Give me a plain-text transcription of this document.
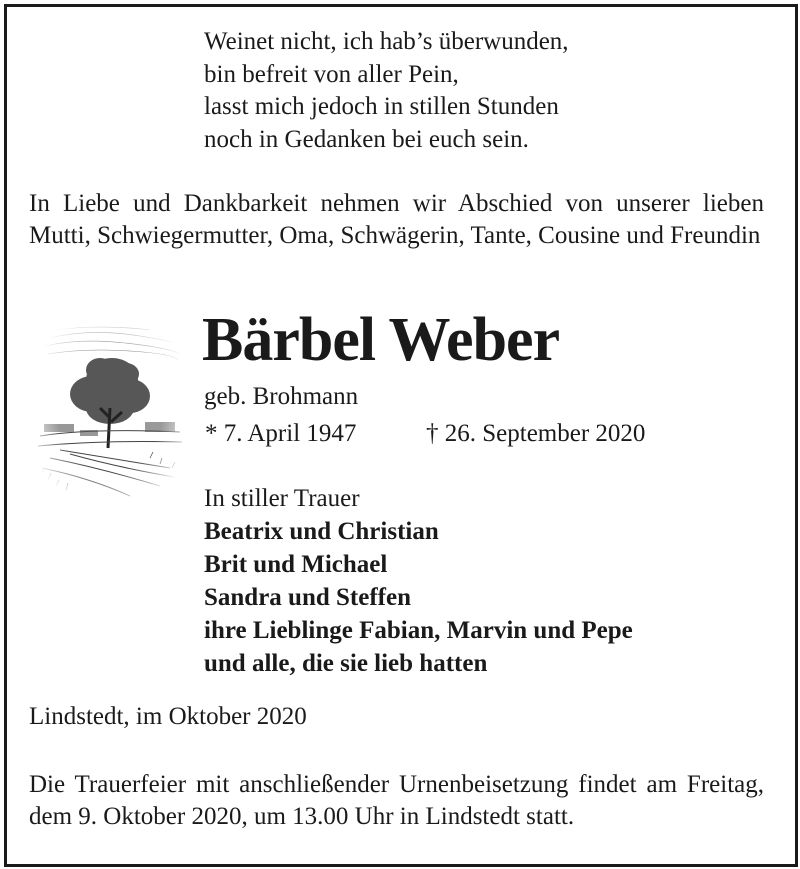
Weinet nicht, ich hab’s überwunden,
bin befreit von aller Pein,
lasst mich jedoch in stillen Stunden
noch in Gedanken bei euch sein.
In Liebe und Dankbarkeit nehmen wir Abschied von unserer lieben Mutti, Schwiegermutter, Oma, Schwägerin, Tante, Cousine und Freundin
Bärbel Weber
geb. Brohmann
* 7. April 1947	† 26. September 2020
In stiller Trauer
Beatrix und Christian
Brit und Michael
Sandra und Steffen
ihre Lieblinge Fabian, Marvin und Pepe
und alle, die sie lieb hatten
Lindstedt, im Oktober 2020
Die Trauerfeier mit anschließender Urnenbeisetzung findet am Freitag, dem 9. Oktober 2020, um 13.00 Uhr in Lindstedt statt.
